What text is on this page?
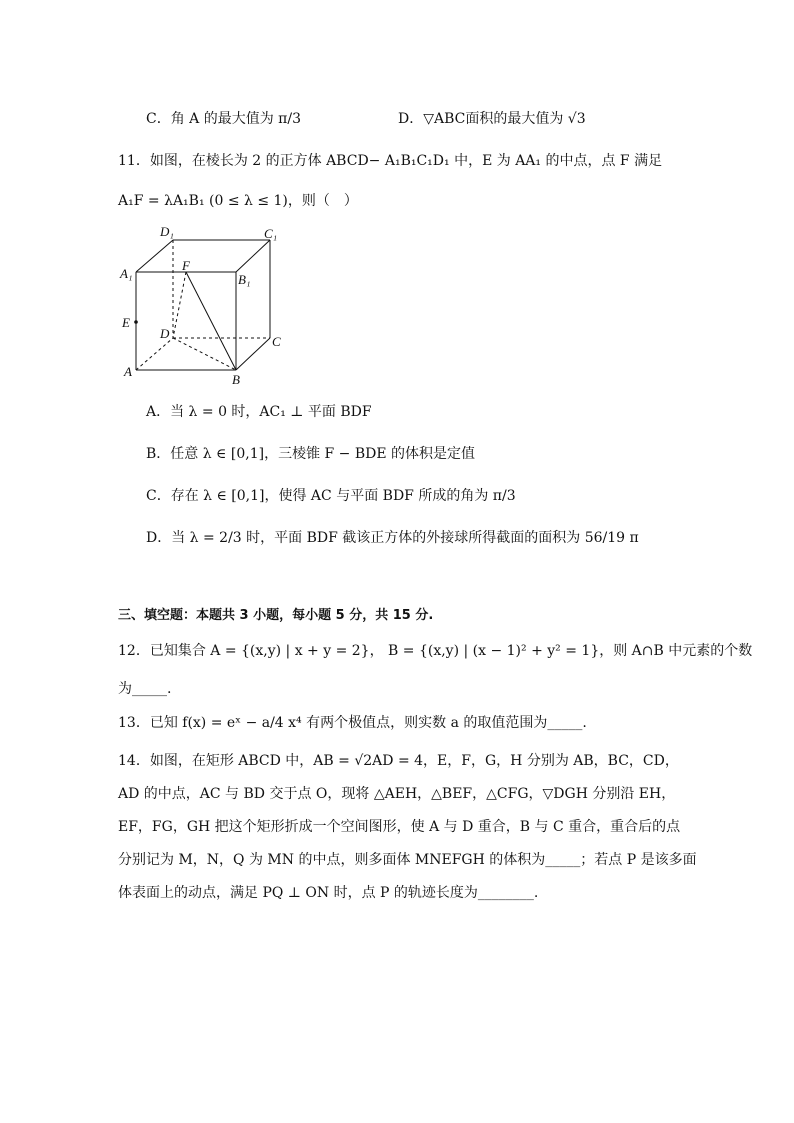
C．角 A 的最大值为 π/3	D．▽ABC面积的最大值为 √3
11．如图，在棱长为 2 的正方体 ABCD− A₁B₁C₁D₁ 中，E 为 AA₁ 的中点，点 F 满足
A₁F = λA₁B₁ (0 ≤ λ ≤ 1)，则（　）
D₁	C₁
A₁
F
B₁
E
D
C
A
B
A．当 λ = 0 时，AC₁ ⊥ 平面 BDF
B．任意 λ ∈ [0,1]，三棱锥 F − BDE 的体积是定值
C．存在 λ ∈ [0,1]，使得 AC 与平面 BDF 所成的角为 π/3
D．当 λ = 2/3 时，平面 BDF 截该正方体的外接球所得截面的面积为 56/19 π
三、填空题：本题共 3 小题，每小题 5 分，共 15 分.
12．已知集合 A = {(x,y) | x + y = 2}， B = {(x,y) | (x − 1)² + y² = 1}，则 A∩B 中元素的个数
为_____.
13．已知 f(x) = eˣ − a/4 x⁴ 有两个极值点，则实数 a 的取值范围为_____.
14．如图，在矩形 ABCD 中，AB = √2AD = 4，E，F，G，H 分别为 AB，BC，CD，
AD 的中点，AC 与 BD 交于点 O，现将 △AEH，△BEF，△CFG，▽DGH 分别沿 EH，
EF，FG，GH 把这个矩形折成一个空间图形，使 A 与 D 重合，B 与 C 重合，重合后的点
分别记为 M，N，Q 为 MN 的中点，则多面体 MNEFGH 的体积为_____；若点 P 是该多面
体表面上的动点，满足 PQ ⊥ ON 时，点 P 的轨迹长度为________.
